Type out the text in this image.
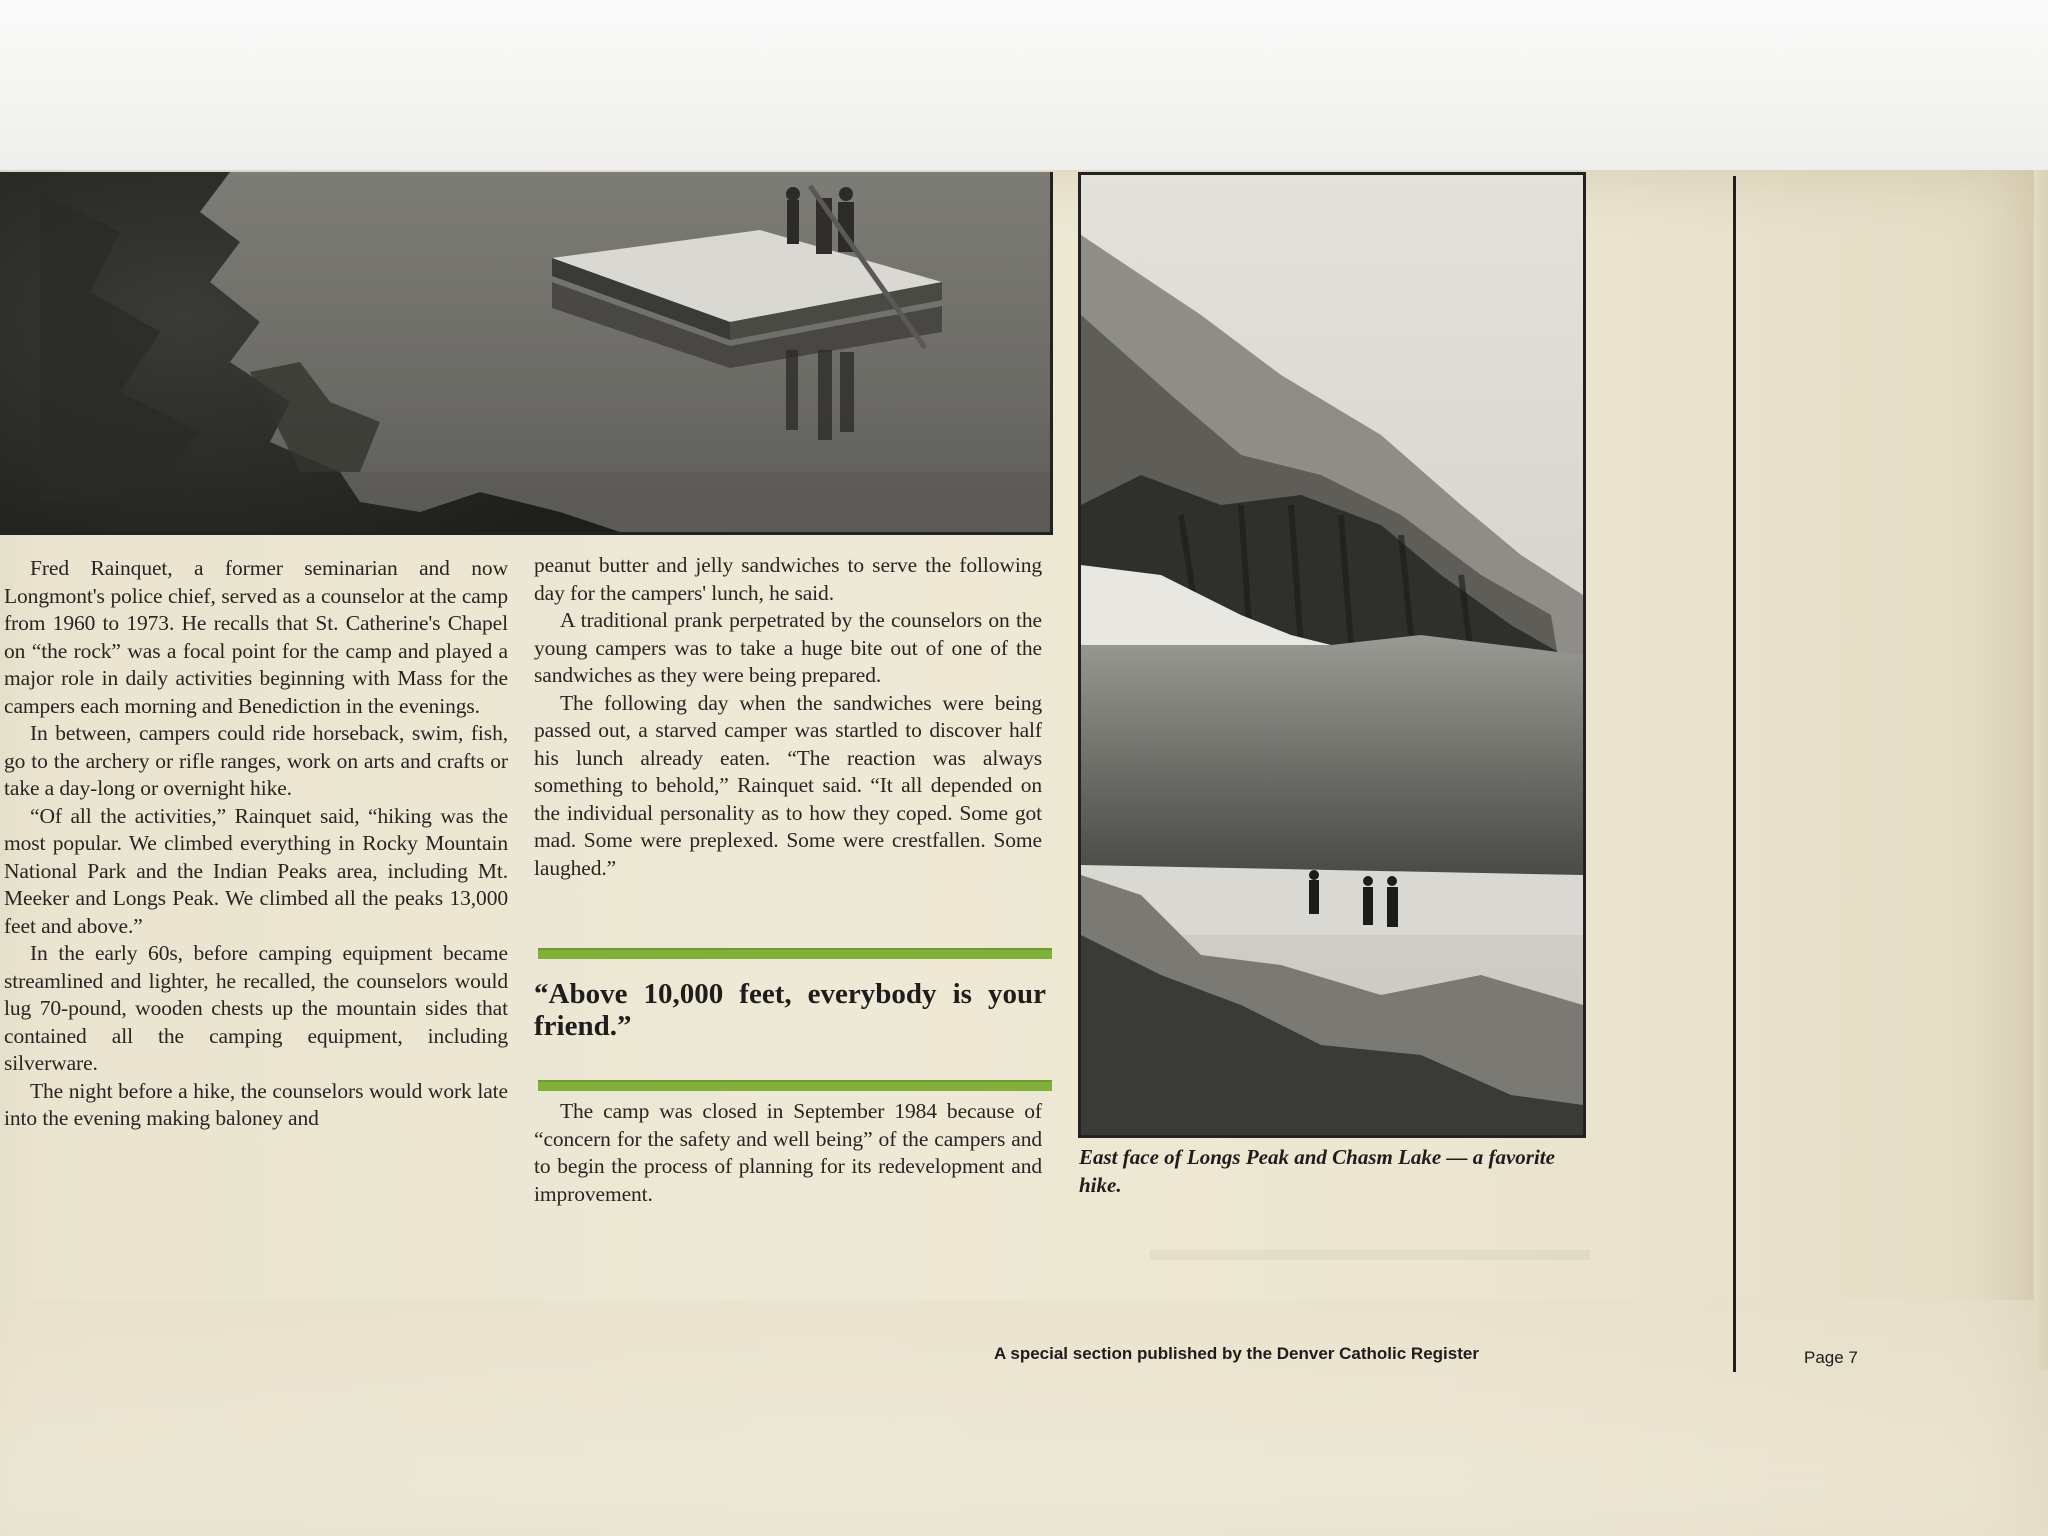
Fred Rainquet, a former seminarian and now Longmont's police chief, served as a counselor at the camp from 1960 to 1973. He recalls that St. Catherine's Chapel on “the rock” was a focal point for the camp and played a major role in daily activities beginning with Mass for the campers each morning and Benediction in the evenings.

In between, campers could ride horseback, swim, fish, go to the archery or rifle ranges, work on arts and crafts or take a day-long or overnight hike.

“Of all the activities,” Rainquet said, “hiking was the most popular. We climbed everything in Rocky Mountain National Park and the Indian Peaks area, including Mt. Meeker and Longs Peak. We climbed all the peaks 13,000 feet and above.”

In the early 60s, before camping equipment became streamlined and lighter, he recalled, the counselors would lug 70-pound, wooden chests up the mountain sides that contained all the camping equipment, including silverware.

The night before a hike, the counselors would work late into the evening making baloney and

peanut butter and jelly sandwiches to serve the following day for the campers' lunch, he said.

A traditional prank perpetrated by the counselors on the young campers was to take a huge bite out of one of the sandwiches as they were being prepared.

The following day when the sandwiches were being passed out, a starved camper was startled to discover half his lunch already eaten. “The reaction was always something to behold,” Rainquet said. “It all depended on the individual personality as to how they coped. Some got mad. Some were preplexed. Some were crestfallen. Some laughed.”

“Above 10,000 feet, everybody is your friend.”

The camp was closed in September 1984 because of “concern for the safety and well being” of the campers and to begin the process of planning for its redevelopment and improvement.

East face of Longs Peak and Chasm Lake — a favorite hike.
A special section published by the Denver Catholic Register	Page 7
